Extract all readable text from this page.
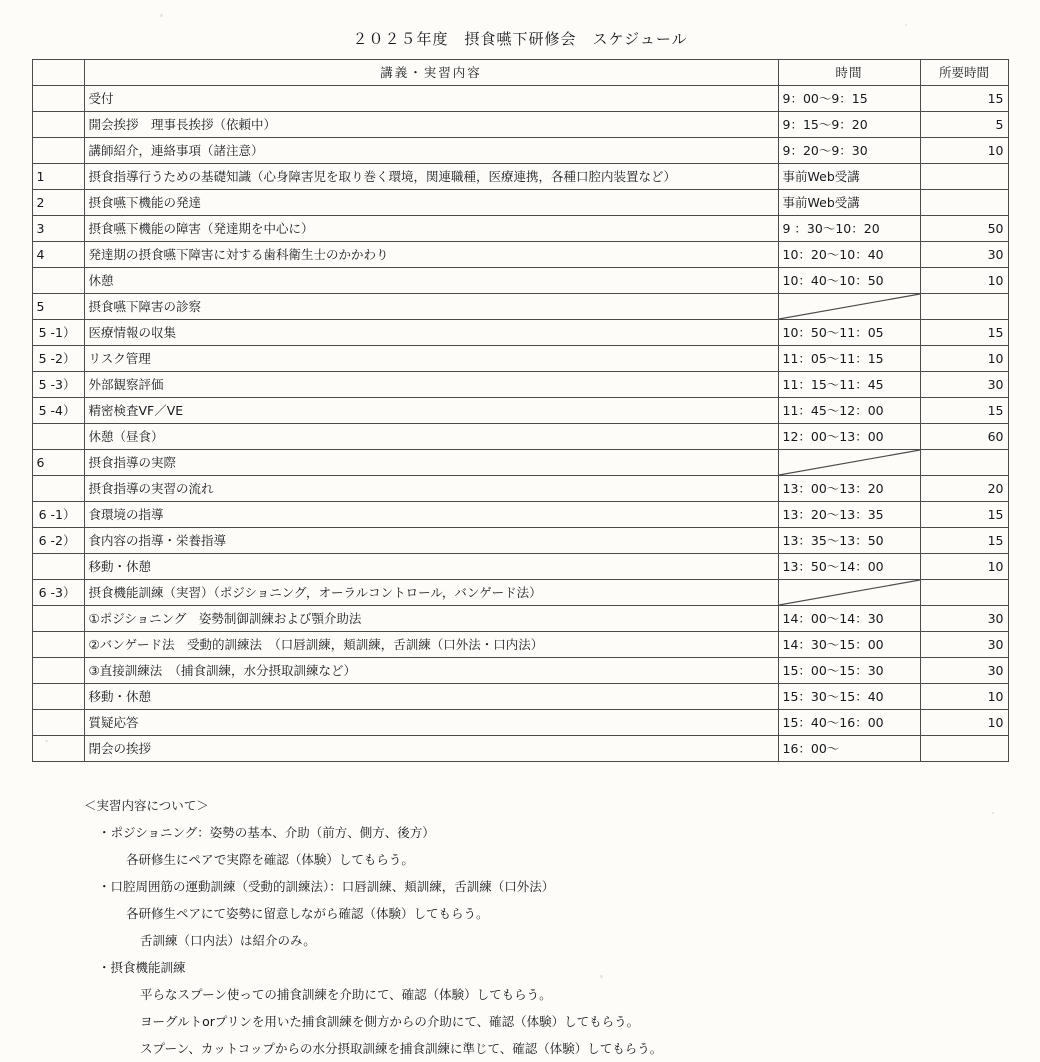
２０２５年度　摂食嚥下研修会　スケジュール
	講義・実習内容	時間	所要時間
	受付	9：00〜9：15	15
	開会挨拶　理事長挨拶（依頼中）	9：15〜9：20	5
	講師紹介，連絡事項（諸注意）	9：20〜9：30	10
1	摂食指導行うための基礎知識（心身障害児を取り巻く環境，関連職種，医療連携，各種口腔内装置など）	事前Web受講	
2	摂食嚥下機能の発達	事前Web受講	
3	摂食嚥下機能の障害（発達期を中心に）	9 ：30〜10：20	50
4	発達期の摂食嚥下障害に対する歯科衛生士のかかわり	10：20〜10：40	30
	休憩	10：40〜10：50	10
5	摂食嚥下障害の診察	

5 -1）	医療情報の収集	10：50〜11：05	15
5 -2）	リスク管理	11：05〜11：15	10
5 -3）	外部観察評価	11：15〜11：45	30
5 -4）	精密検査VF／VE	11：45〜12：00	15
	休憩（昼食）	12：00〜13：00	60
6	摂食指導の実際	

	摂食指導の実習の流れ	13：00〜13：20	20
6 -1）	食環境の指導	13：20〜13：35	15
6 -2）	食内容の指導・栄養指導	13：35〜13：50	15
	移動・休憩	13：50〜14：00	10
6 -3）	摂食機能訓練（実習）（ポジショニング，オーラルコントロール，バンゲード法）	

	①ポジショニング　姿勢制御訓練および顎介助法	14：00〜14：30	30
	②バンゲード法　受動的訓練法　（口唇訓練，頬訓練，舌訓練（口外法・口内法）	14：30〜15：00	30
	③直接訓練法　（捕食訓練，水分摂取訓練など）	15：00〜15：30	30
	移動・休憩	15：30〜15：40	10
	質疑応答	15：40〜16：00	10
	閉会の挨拶	16：00〜	
＜実習内容について＞
・ポジショニング：姿勢の基本、介助（前方、側方、後方）
各研修生にペアで実際を確認（体験）してもらう。
・口腔周囲筋の運動訓練（受動的訓練法）：口唇訓練、頬訓練，舌訓練（口外法）
各研修生ペアにて姿勢に留意しながら確認（体験）してもらう。
舌訓練（口内法）は紹介のみ。
・摂食機能訓練
平らなスプーン使っての捕食訓練を介助にて、確認（体験）してもらう。
ヨーグルトorプリンを用いた捕食訓練を側方からの介助にて、確認（体験）してもらう。
スプーン、カットコップからの水分摂取訓練を捕食訓練に準じて、確認（体験）してもらう。
